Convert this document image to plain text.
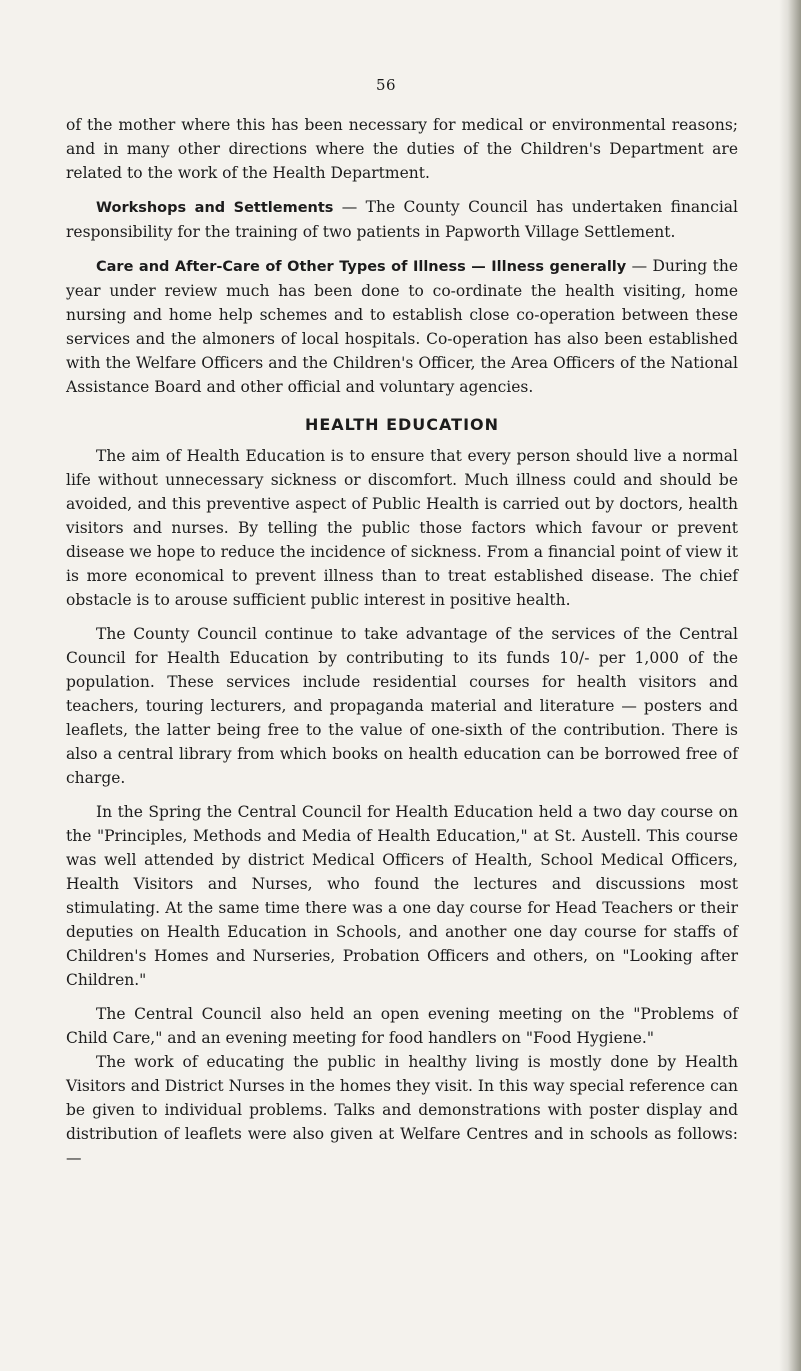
56

of the mother where this has been necessary for medical or environmental reasons; and in many other directions where the duties of the Children's Department are related to the work of the Health Department.

Workshops and Settlements — The County Council has undertaken financial responsibility for the training of two patients in Papworth Village Settlement.

Care and After-Care of Other Types of Illness — Illness generally — During the year under review much has been done to co-ordinate the health visiting, home nursing and home help schemes and to establish close co-operation between these services and the almoners of local hospitals. Co-operation has also been established with the Welfare Officers and the Children's Officer, the Area Officers of the National Assistance Board and other official and voluntary agencies.

HEALTH EDUCATION

The aim of Health Education is to ensure that every person should live a normal life without unnecessary sickness or discomfort. Much illness could and should be avoided, and this preventive aspect of Public Health is carried out by doctors, health visitors and nurses. By telling the public those factors which favour or prevent disease we hope to reduce the incidence of sickness. From a financial point of view it is more economical to prevent illness than to treat established disease. The chief obstacle is to arouse sufficient public interest in positive health.

The County Council continue to take advantage of the services of the Central Council for Health Education by contributing to its funds 10/- per 1,000 of the population. These services include residential courses for health visitors and teachers, touring lecturers, and propaganda material and literature — posters and leaflets, the latter being free to the value of one-sixth of the contribution. There is also a central library from which books on health education can be borrowed free of charge.

In the Spring the Central Council for Health Education held a two day course on the "Principles, Methods and Media of Health Education," at St. Austell. This course was well attended by district Medical Officers of Health, School Medical Officers, Health Visitors and Nurses, who found the lectures and discussions most stimulating. At the same time there was a one day course for Head Teachers or their deputies on Health Education in Schools, and another one day course for staffs of Children's Homes and Nurseries, Probation Officers and others, on "Looking after Children."

The Central Council also held an open evening meeting on the "Problems of Child Care," and an evening meeting for food handlers on "Food Hygiene."

The work of educating the public in healthy living is mostly done by Health Visitors and District Nurses in the homes they visit. In this way special reference can be given to individual problems. Talks and demonstrations with poster display and distribution of leaflets were also given at Welfare Centres and in schools as follows:—
